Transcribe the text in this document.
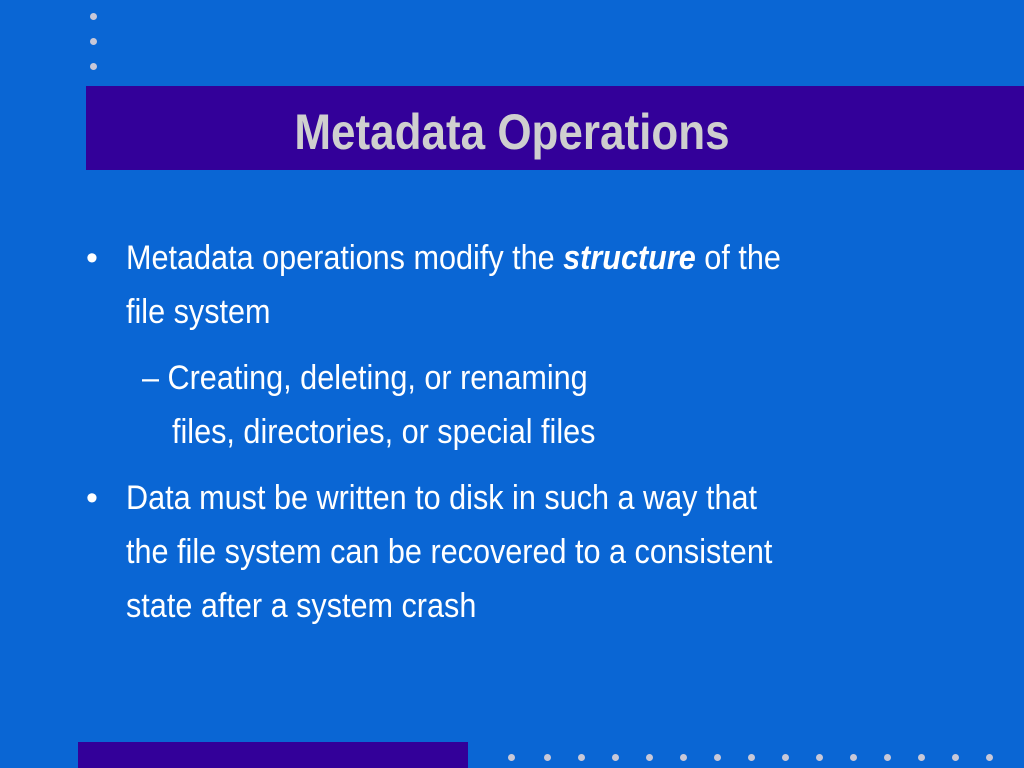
Metadata Operations
• Metadata operations modify the structure of the
file system
– Creating, deleting, or renaming
files, directories, or special files
• Data must be written to disk in such a way that
the file system can be recovered to a consistent
state after a system crash
